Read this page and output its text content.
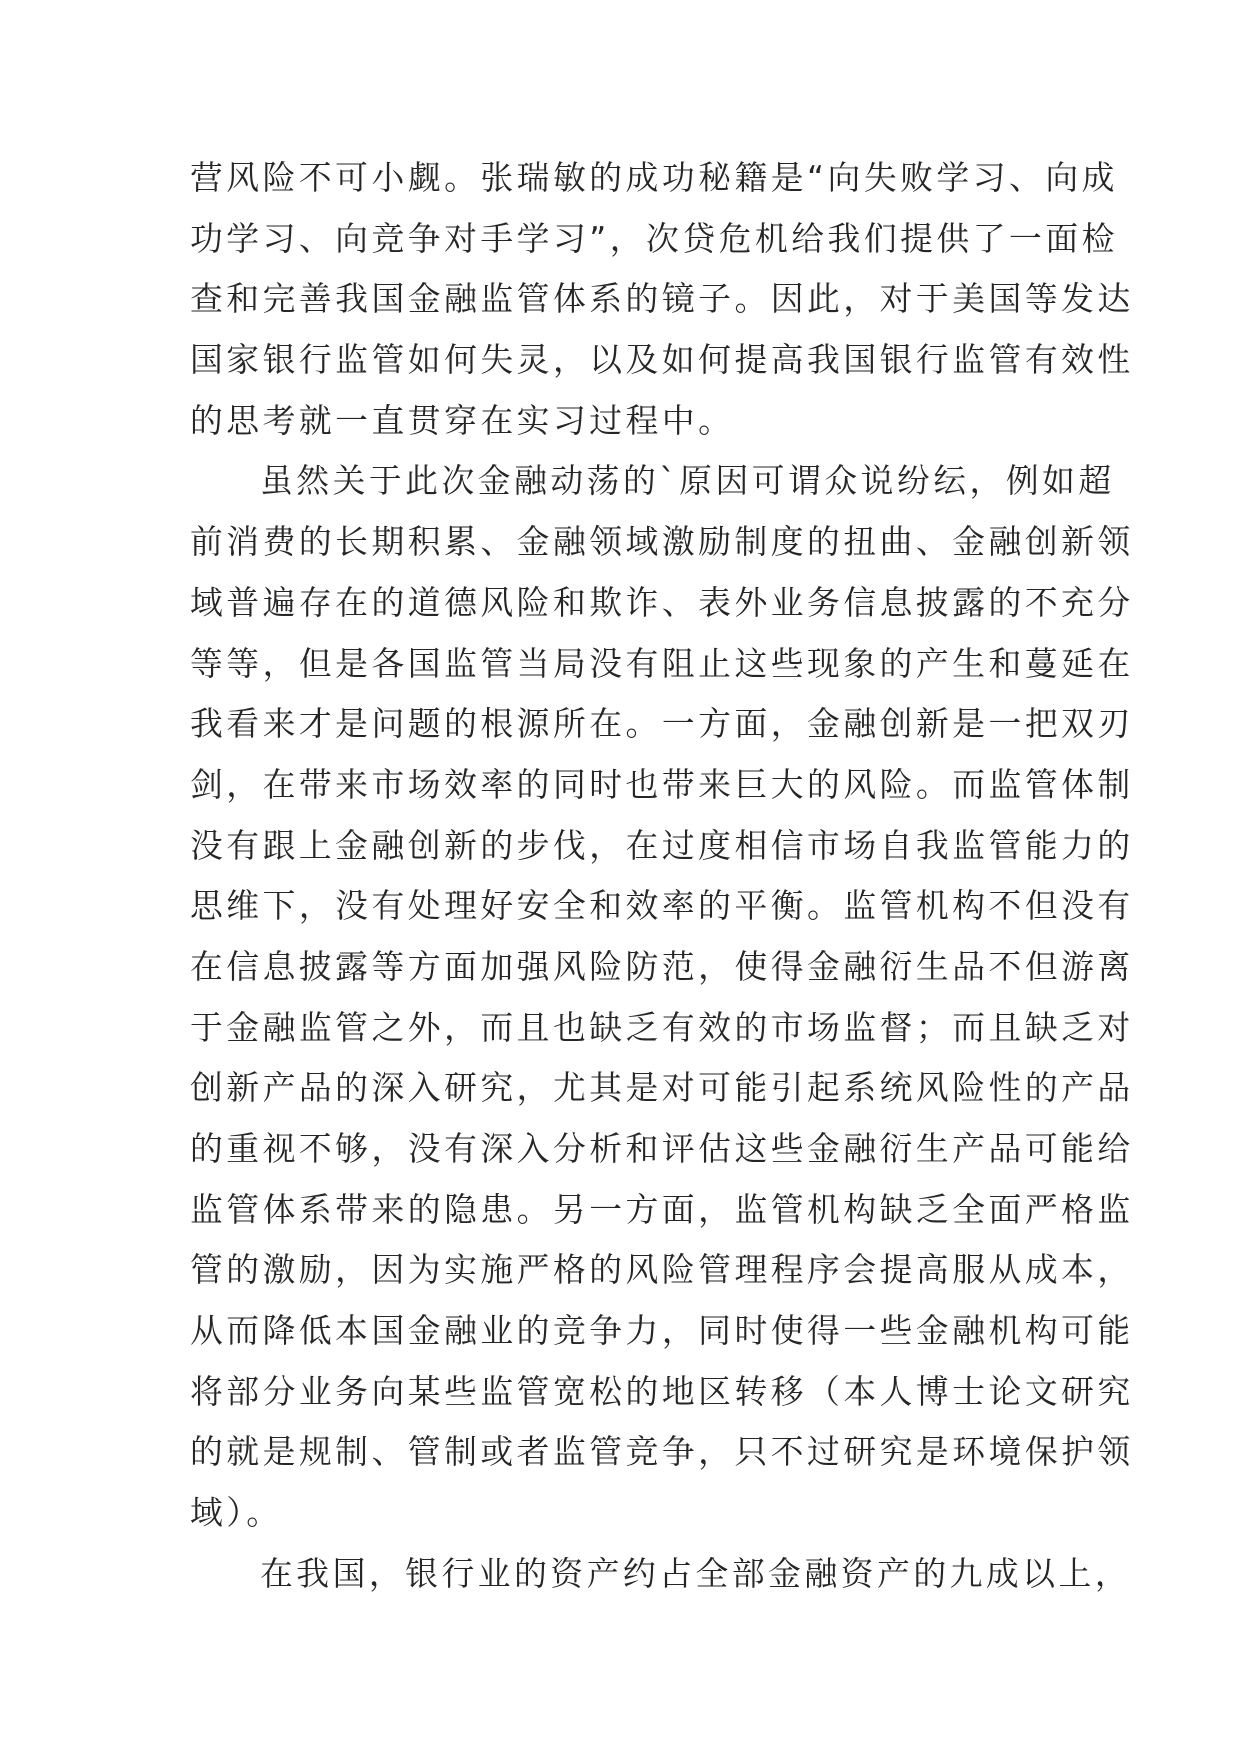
营风险不可小觑。张瑞敏的成功秘籍是“向失败学习、向成
功学习、向竞争对手学习”，次贷危机给我们提供了一面检
查和完善我国金融监管体系的镜子。因此，对于美国等发达
国家银行监管如何失灵，以及如何提高我国银行监管有效性
的思考就一直贯穿在实习过程中。
虽然关于此次金融动荡的`原因可谓众说纷纭，例如超
前消费的长期积累、金融领域激励制度的扭曲、金融创新领
域普遍存在的道德风险和欺诈、表外业务信息披露的不充分
等等，但是各国监管当局没有阻止这些现象的产生和蔓延在
我看来才是问题的根源所在。一方面，金融创新是一把双刃
剑，在带来市场效率的同时也带来巨大的风险。而监管体制
没有跟上金融创新的步伐，在过度相信市场自我监管能力的
思维下，没有处理好安全和效率的平衡。监管机构不但没有
在信息披露等方面加强风险防范，使得金融衍生品不但游离
于金融监管之外，而且也缺乏有效的市场监督；而且缺乏对
创新产品的深入研究，尤其是对可能引起系统风险性的产品
的重视不够，没有深入分析和评估这些金融衍生产品可能给
监管体系带来的隐患。另一方面，监管机构缺乏全面严格监
管的激励，因为实施严格的风险管理程序会提高服从成本，
从而降低本国金融业的竞争力，同时使得一些金融机构可能
将部分业务向某些监管宽松的地区转移（本人博士论文研究
的就是规制、管制或者监管竞争，只不过研究是环境保护领
域）。
在我国，银行业的资产约占全部金融资产的九成以上，
